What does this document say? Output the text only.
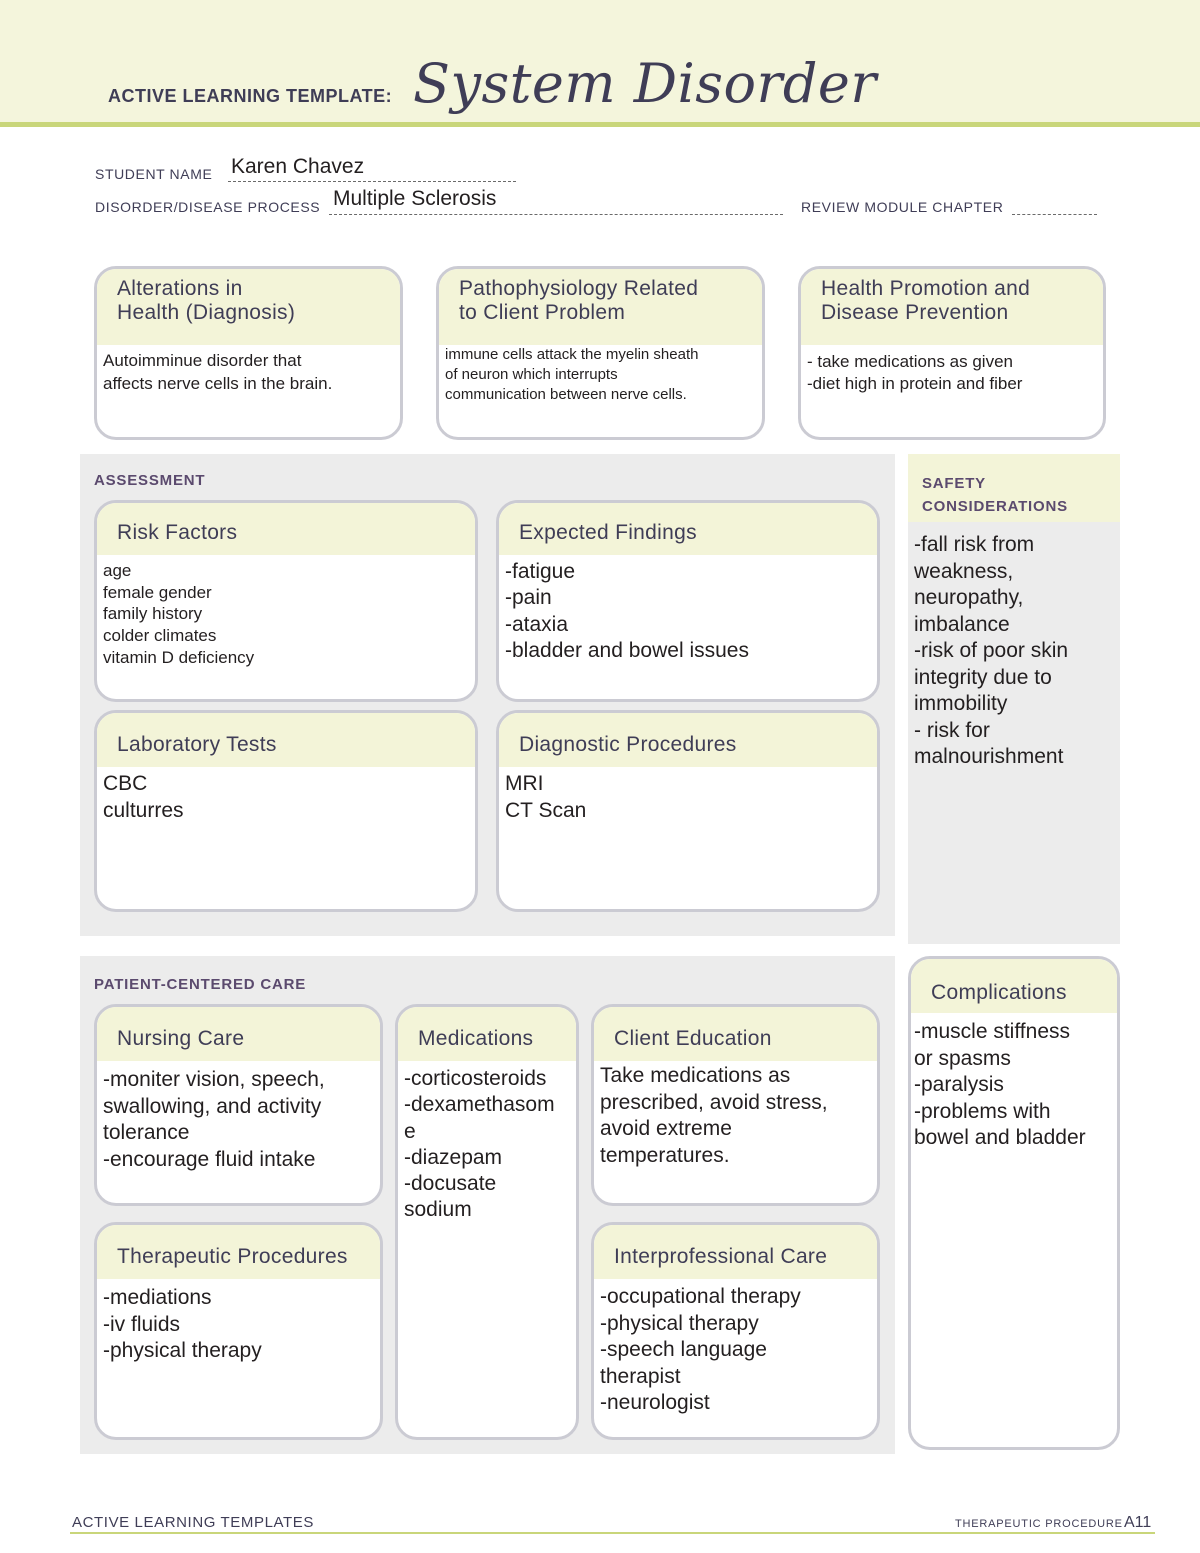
ACTIVE LEARNING TEMPLATE: System Disorder
STUDENT NAME Karen Chavez
DISORDER/DISEASE PROCESS Multiple Sclerosis	REVIEW MODULE CHAPTER
Alterations in
Health (Diagnosis)
Autoimminue disorder that
affects nerve cells in the brain.
Pathophysiology Related
to Client Problem
immune cells attack the myelin sheath
of neuron which interrupts
communication between nerve cells.
Health Promotion and
Disease Prevention
- take medications as given
-diet high in protein and fiber
ASSESSMENT
Risk Factors
age
female gender
family history
colder climates
vitamin D deficiency
Expected Findings
-fatigue
-pain
-ataxia
-bladder and bowel issues
Laboratory Tests
CBC
culturres
Diagnostic Procedures
MRI
CT Scan
SAFETY
CONSIDERATIONS
-fall risk from
weakness,
neuropathy,
imbalance
-risk of poor skin
integrity due to
immobility
- risk for
malnourishment
PATIENT-CENTERED CARE
Nursing Care
-moniter vision, speech,
swallowing, and activity
tolerance
-encourage fluid intake
Medications
-corticosteroids
-dexamethasom
e
-diazepam
-docusate
sodium
Client Education
Take medications as
prescribed, avoid stress,
avoid extreme
temperatures.
Therapeutic Procedures
-mediations
-iv fluids
-physical therapy
Interprofessional Care
-occupational therapy
-physical therapy
-speech language
therapist
-neurologist
Complications
-muscle stiffness
or spasms
-paralysis
-problems with
bowel and bladder
ACTIVE LEARNING TEMPLATES	THERAPEUTIC PROCEDURE A11
